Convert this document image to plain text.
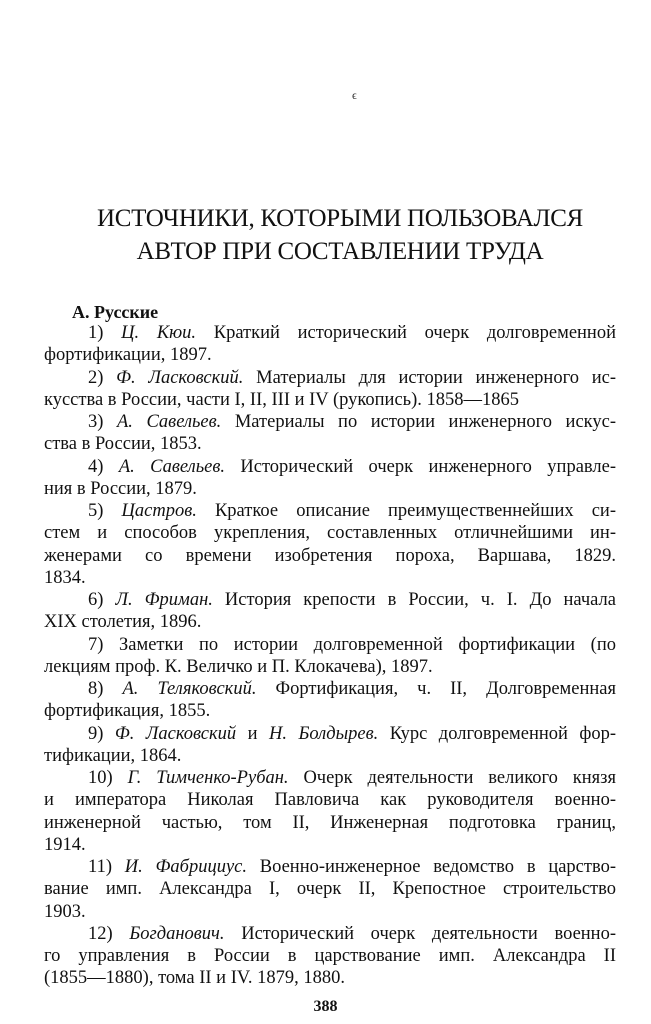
ϵ
ИСТОЧНИКИ, КОТОРЫМИ ПОЛЬЗОВАЛСЯ
АВТОР ПРИ СОСТАВЛЕНИИ ТРУДА
А. Русские
1) Ц. Кюи. Краткий исторический очерк долговременной
фортификации, 1897.
2) Ф. Ласковский. Материалы для истории инженерного ис-
кусства в России, части I, II, III и IV (рукопись). 1858—1865
3) А. Савельев. Материалы по истории инженерного искус-
ства в России, 1853.
4) А. Савельев. Исторический очерк инженерного управле-
ния в России, 1879.
5) Цастров. Краткое описание преимущественнейших си-
стем и способов укрепления, составленных отличнейшими ин-
женерами со времени изобретения пороха, Варшава, 1829.
1834.
6) Л. Фриман. История крепости в России, ч. I. До начала
XIX столетия, 1896.
7) Заметки по истории долговременной фортификации (по
лекциям проф. К. Величко и П. Клокачева), 1897.
8) А. Теляковский. Фортификация, ч. II, Долговременная
фортификация, 1855.
9) Ф. Ласковский и Н. Болдырев. Курс долговременной фор-
тификации, 1864.
10) Г. Тимченко-Рубан. Очерк деятельности великого князя
и императора Николая Павловича как руководителя военно-
инженерной частью, том II, Инженерная подготовка границ,
1914.
11) И. Фабрициус. Военно-инженерное ведомство в царство-
вание имп. Александра I, очерк II, Крепостное строительство
1903.
12) Богданович. Исторический очерк деятельности военно-
го управления в России в царствование имп. Александра II
(1855—1880), тома II и IV. 1879, 1880.
388
